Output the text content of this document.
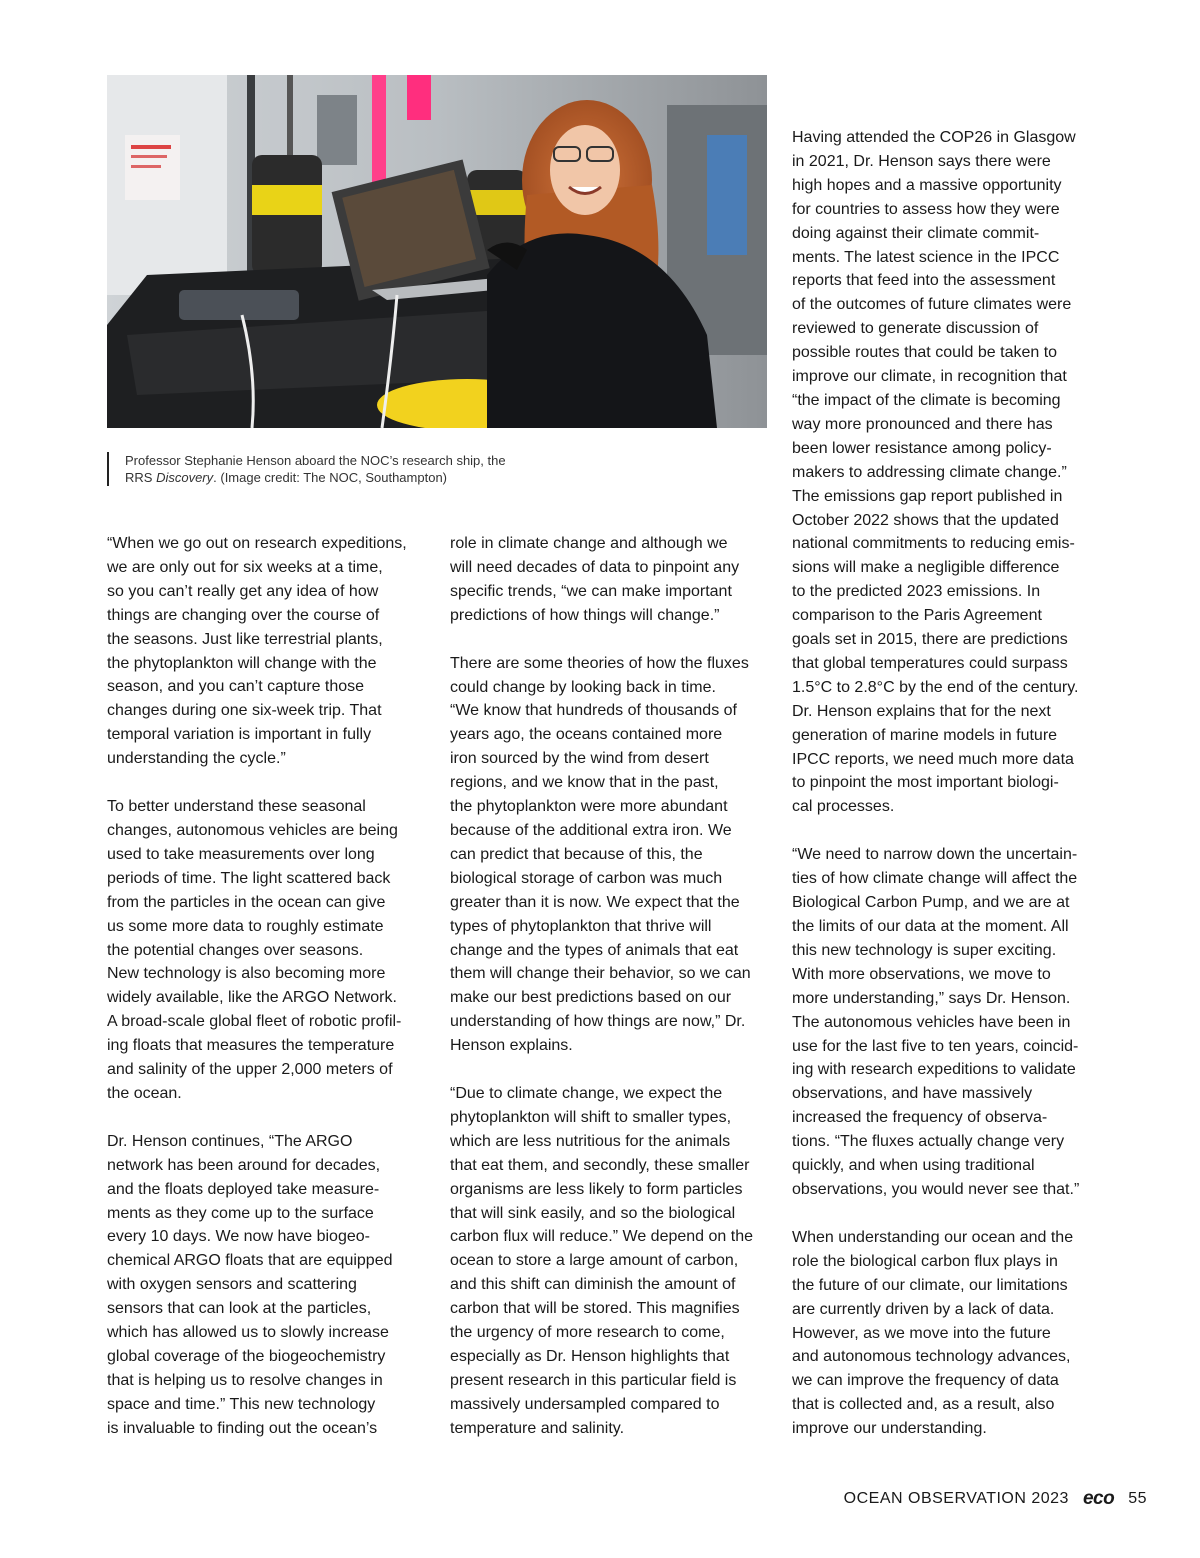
Professor Stephanie Henson aboard the NOC’s research ship, the
RRS Discovery. (Image credit: The NOC, Southampton)

“When we go out on research expeditions,
we are only out for six weeks at a time,
so you can’t really get any idea of how
things are changing over the course of
the seasons. Just like terrestrial plants,
the phytoplankton will change with the
season, and you can’t capture those
changes during one six-week trip. That
temporal variation is important in fully
understanding the cycle.”

To better understand these seasonal
changes, autonomous vehicles are being
used to take measurements over long
periods of time. The light scattered back
from the particles in the ocean can give
us some more data to roughly estimate
the potential changes over seasons.
New technology is also becoming more
widely available, like the ARGO Network.
A broad-scale global fleet of robotic profil-
ing floats that measures the temperature
and salinity of the upper 2,000 meters of
the ocean.

Dr. Henson continues, “The ARGO
network has been around for decades,
and the floats deployed take measure-
ments as they come up to the surface
every 10 days. We now have biogeo-
chemical ARGO floats that are equipped
with oxygen sensors and scattering
sensors that can look at the particles,
which has allowed us to slowly increase
global coverage of the biogeochemistry
that is helping us to resolve changes in
space and time.” This new technology
is invaluable to finding out the ocean’s

role in climate change and although we
will need decades of data to pinpoint any
specific trends, “we can make important
predictions of how things will change.”

There are some theories of how the fluxes
could change by looking back in time.
“We know that hundreds of thousands of
years ago, the oceans contained more
iron sourced by the wind from desert
regions, and we know that in the past,
the phytoplankton were more abundant
because of the additional extra iron. We
can predict that because of this, the
biological storage of carbon was much
greater than it is now. We expect that the
types of phytoplankton that thrive will
change and the types of animals that eat
them will change their behavior, so we can
make our best predictions based on our
understanding of how things are now,” Dr.
Henson explains.

“Due to climate change, we expect the
phytoplankton will shift to smaller types,
which are less nutritious for the animals
that eat them, and secondly, these smaller
organisms are less likely to form particles
that will sink easily, and so the biological
carbon flux will reduce.” We depend on the
ocean to store a large amount of carbon,
and this shift can diminish the amount of
carbon that will be stored. This magnifies
the urgency of more research to come,
especially as Dr. Henson highlights that
present research in this particular field is
massively undersampled compared to
temperature and salinity.

Having attended the COP26 in Glasgow
in 2021, Dr. Henson says there were
high hopes and a massive opportunity
for countries to assess how they were
doing against their climate commit-
ments. The latest science in the IPCC
reports that feed into the assessment
of the outcomes of future climates were
reviewed to generate discussion of
possible routes that could be taken to
improve our climate, in recognition that
“the impact of the climate is becoming
way more pronounced and there has
been lower resistance among policy-
makers to addressing climate change.”
The emissions gap report published in
October 2022 shows that the updated
national commitments to reducing emis-
sions will make a negligible difference
to the predicted 2023 emissions. In
comparison to the Paris Agreement
goals set in 2015, there are predictions
that global temperatures could surpass
1.5°C to 2.8°C by the end of the century.
Dr. Henson explains that for the next
generation of marine models in future
IPCC reports, we need much more data
to pinpoint the most important biologi-
cal processes.

“We need to narrow down the uncertain-
ties of how climate change will affect the
Biological Carbon Pump, and we are at
the limits of our data at the moment. All
this new technology is super exciting.
With more observations, we move to
more understanding,” says Dr. Henson.
The autonomous vehicles have been in
use for the last five to ten years, coincid-
ing with research expeditions to validate
observations, and have massively
increased the frequency of observa-
tions. “The fluxes actually change very
quickly, and when using traditional
observations, you would never see that.”

When understanding our ocean and the
role the biological carbon flux plays in
the future of our climate, our limitations
are currently driven by a lack of data.
However, as we move into the future
and autonomous technology advances,
we can improve the frequency of data
that is collected and, as a result, also
improve our understanding.

OCEAN OBSERVATION 2023 eco 55
